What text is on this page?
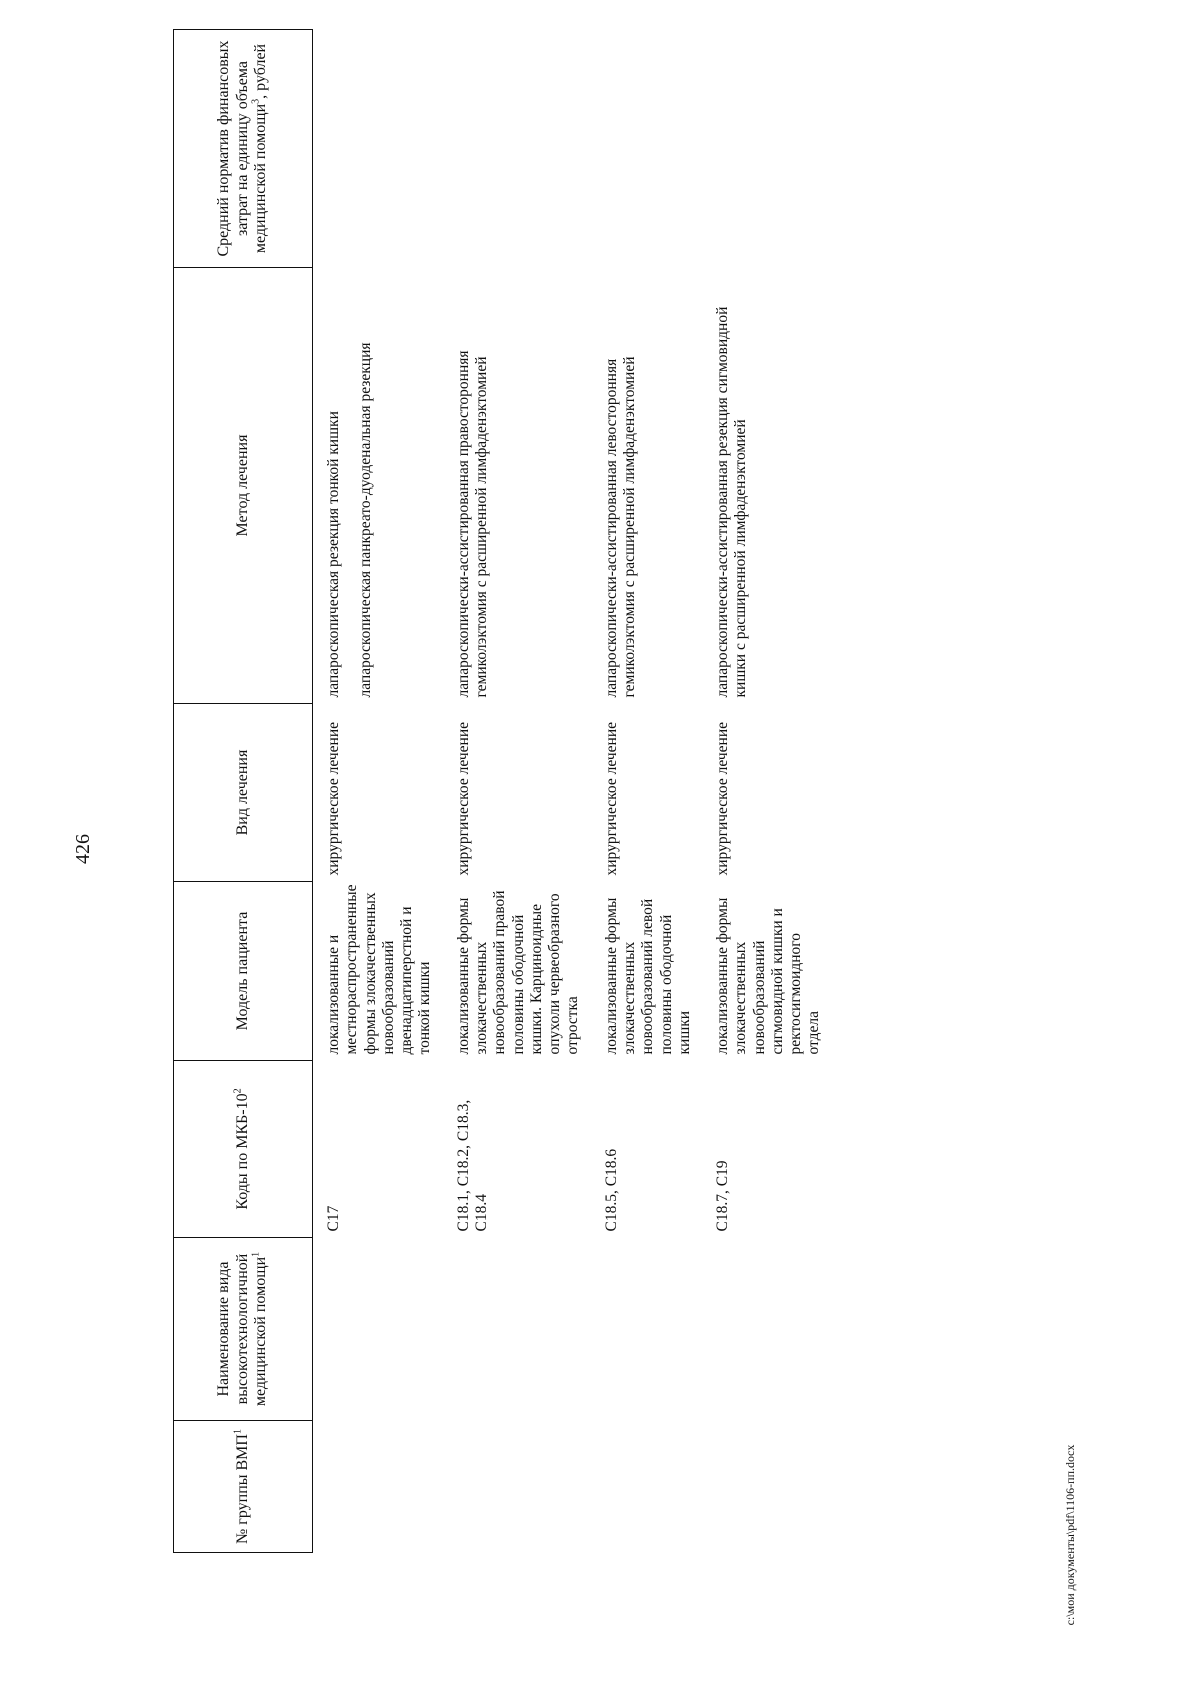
426
№ группы ВМП$^1$	Наименование вида высокотехнологичной медицинской помощи$^1$	Коды по МКБ-$10^2$	Модель пациента	Вид лечения	Метод лечения	Средний норматив финансовых затрат на единицу объема медицинской помощи$^3$, рублей
		C17	локализованные и местнораспространенные формы злокачественных новообразований двенадцатиперстной и тонкой кишки	хирургическое лечение	лапароскопическая резекция тонкой кишки лапароскопическая панкреато-дуоденальная резекция	

		C18.1, C18.2, C18.3, C18.4	локализованные формы злокачественных новообразований правой половины ободочной кишки. Карциноидные опухоли червеобразного отростка	хирургическое лечение	лапароскопически-ассистированная правосторонняя гемиколэктомия с расширенной лимфаденэктомией	
		C18.5, C18.6	локализованные формы злокачественных новообразований левой половины ободочной кишки	хирургическое лечение	лапароскопически-ассистированная левосторонняя гемиколэктомия с расширенной лимфаденэктомией	
		C18.7, C19	локализованные формы злокачественных новообразований сигмовидной кишки и ректосигмоидного отдела	хирургическое лечение	лапароскопически-ассистированная резекция сигмовидной кишки с расширенной лимфаденэктомией	
c:\мои документы\pdf\1106-пп.docx
